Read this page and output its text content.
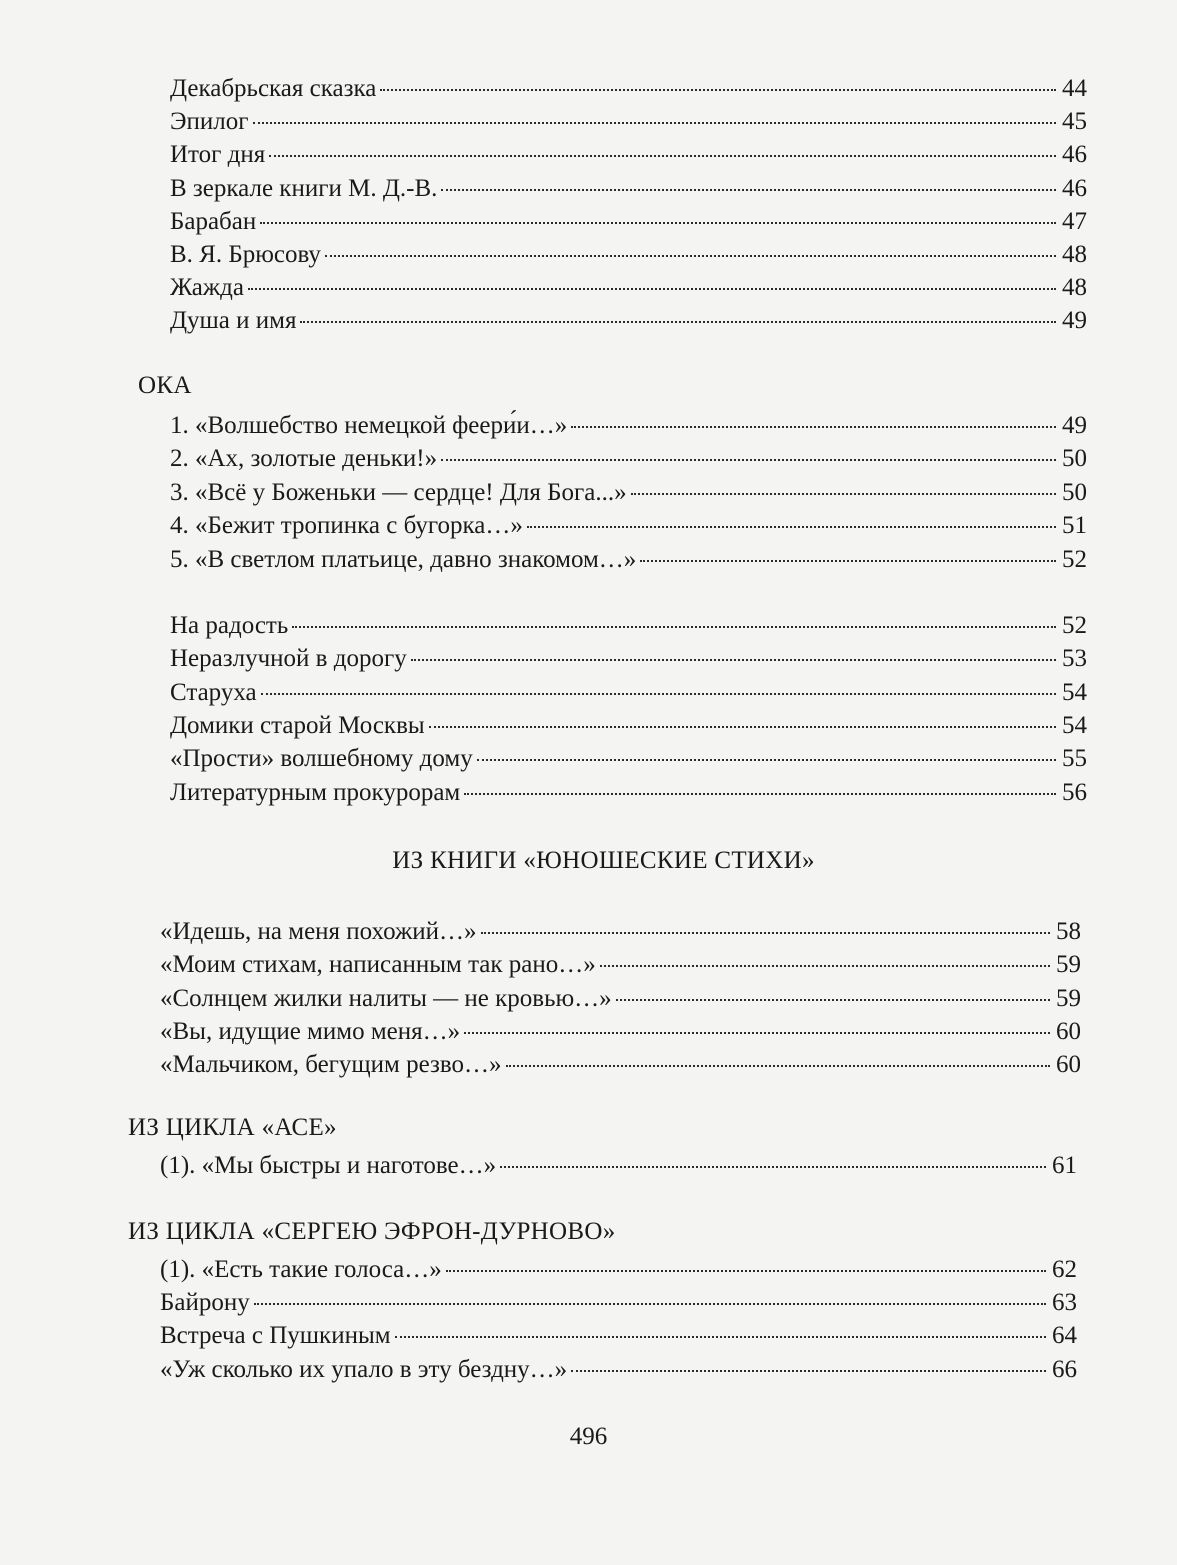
Декабрьская сказка	44
Эпилог	45
Итог дня	46
В зеркале книги М. Д.-В.	46
Барабан	47
В. Я. Брюсову	48
Жажда	48
Душа и имя	49
ОКА
1. «Волшебство немецкой феери́и…»	49
2. «Ах, золотые деньки!»	50
3. «Всё у Боженьки — сердце! Для Бога...»	50
4. «Бежит тропинка с бугорка…»	51
5. «В светлом платьице, давно знакомом…»	52
На радость	52
Неразлучной в дорогу	53
Старуха	54
Домики старой Москвы	54
«Прости» волшебному дому	55
Литературным прокурорам	56
ИЗ КНИГИ «ЮНОШЕСКИЕ СТИХИ»
«Идешь, на меня похожий…»	58
«Моим стихам, написанным так рано…»	59
«Солнцем жилки налиты — не кровью…»	59
«Вы, идущие мимо меня…»	60
«Мальчиком, бегущим резво…»	60
ИЗ ЦИКЛА «АСЕ»
(1). «Мы быстры и наготове…»	61
ИЗ ЦИКЛА «СЕРГЕЮ ЭФРОН-ДУРНОВО»
(1). «Есть такие голоса…»	62
Байрону	63
Встреча с Пушкиным	64
«Уж сколько их упало в эту бездну…»	66
496
